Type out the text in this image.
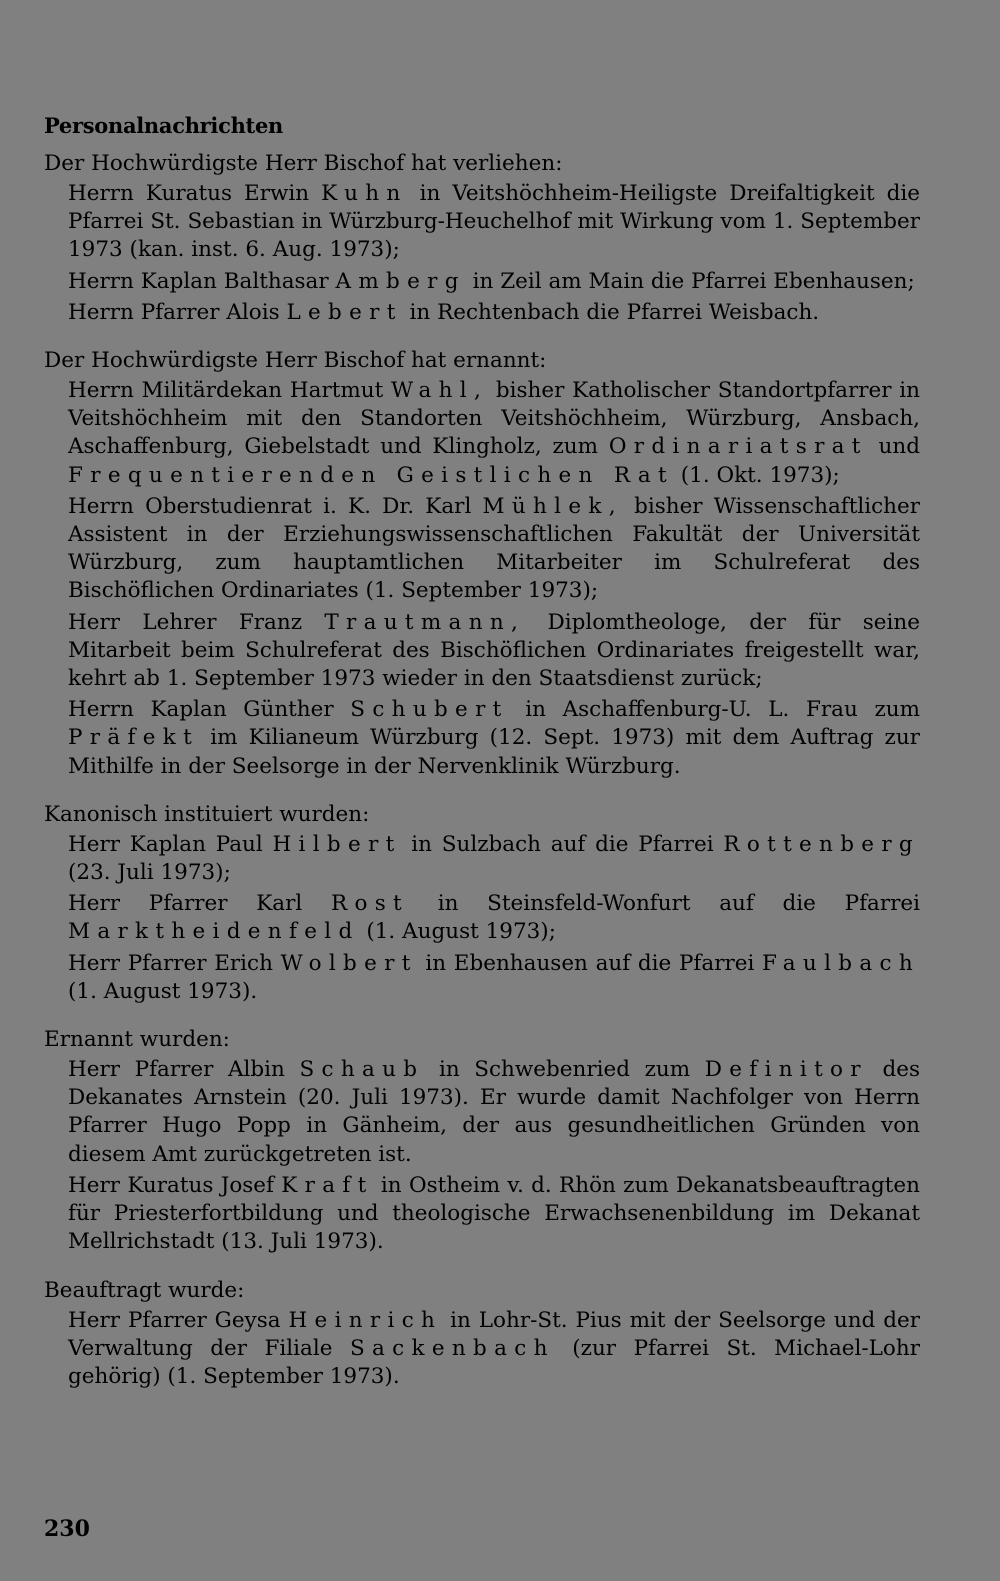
Personalnachrichten
Der Hochwürdigste Herr Bischof hat verliehen:
Herrn Kuratus Erwin Kuhn in Veitshöchheim-Heiligste Dreifaltigkeit die Pfarrei St. Sebastian in Würzburg-Heuchelhof mit Wirkung vom 1. September 1973 (kan. inst. 6. Aug. 1973);
Herrn Kaplan Balthasar Amberg in Zeil am Main die Pfarrei Ebenhausen;
Herrn Pfarrer Alois Lebert in Rechtenbach die Pfarrei Weisbach.
Der Hochwürdigste Herr Bischof hat ernannt:
Herrn Militärdekan Hartmut Wahl, bisher Katholischer Standortpfarrer in Veitshöchheim mit den Standorten Veitshöchheim, Würzburg, Ansbach, Aschaffenburg, Giebelstadt und Klingholz, zum Ordinariatsrat und Frequentierenden Geistlichen Rat (1. Okt. 1973);
Herrn Oberstudienrat i. K. Dr. Karl Mühlek, bisher Wissenschaftlicher Assistent in der Erziehungswissenschaftlichen Fakultät der Universität Würzburg, zum hauptamtlichen Mitarbeiter im Schulreferat des Bischöflichen Ordinariates (1. September 1973);
Herr Lehrer Franz Trautmann, Diplomtheologe, der für seine Mitarbeit beim Schulreferat des Bischöflichen Ordinariates freigestellt war, kehrt ab 1. September 1973 wieder in den Staatsdienst zurück;
Herrn Kaplan Günther Schubert in Aschaffenburg-U. L. Frau zum Präfekt im Kilianeum Würzburg (12. Sept. 1973) mit dem Auftrag zur Mithilfe in der Seelsorge in der Nervenklinik Würzburg.
Kanonisch instituiert wurden:
Herr Kaplan Paul Hilbert in Sulzbach auf die Pfarrei Rottenberg (23. Juli 1973);
Herr Pfarrer Karl Rost in Steinsfeld-Wonfurt auf die Pfarrei Marktheidenfeld (1. August 1973);
Herr Pfarrer Erich Wolbert in Ebenhausen auf die Pfarrei Faulbach (1. August 1973).
Ernannt wurden:
Herr Pfarrer Albin Schaub in Schwebenried zum Definitor des Dekanates Arnstein (20. Juli 1973). Er wurde damit Nachfolger von Herrn Pfarrer Hugo Popp in Gänheim, der aus gesundheitlichen Gründen von diesem Amt zurückgetreten ist.
Herr Kuratus Josef Kraft in Ostheim v. d. Rhön zum Dekanatsbeauftragten für Priesterfortbildung und theologische Erwachsenenbildung im Dekanat Mellrichstadt (13. Juli 1973).
Beauftragt wurde:
Herr Pfarrer Geysa Heinrich in Lohr-St. Pius mit der Seelsorge und der Verwaltung der Filiale Sackenbach (zur Pfarrei St. Michael-Lohr gehörig) (1. September 1973).
230
